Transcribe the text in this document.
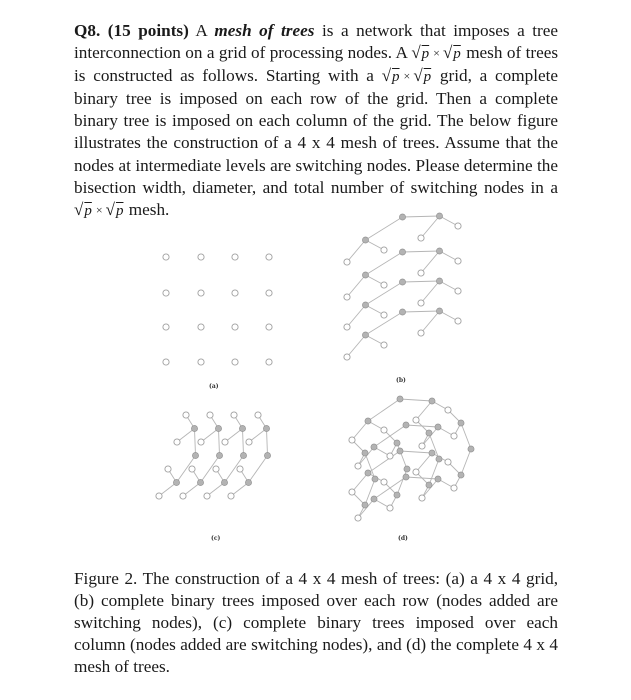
Q8. (15 points) A mesh of trees is a network that imposes a tree interconnection on a grid of processing nodes. A √p × √p mesh of trees is constructed as follows. Starting with a √p × √p grid, a complete binary tree is imposed on each row of the grid. Then a complete binary tree is imposed on each column of the grid. The below figure illustrates the construction of a 4 x 4 mesh of trees. Assume that the nodes at intermediate levels are switching nodes. Please determine the bisection width, diameter, and total number of switching nodes in a √p × √p mesh.
(a)
(b)
(c)	(d)
Figure 2. The construction of a 4 x 4 mesh of trees: (a) a 4 x 4 grid, (b) complete binary trees imposed over each row (nodes added are switching nodes), (c) complete binary trees imposed over each column (nodes added are switching nodes), and (d) the complete 4 x 4 mesh of trees.
